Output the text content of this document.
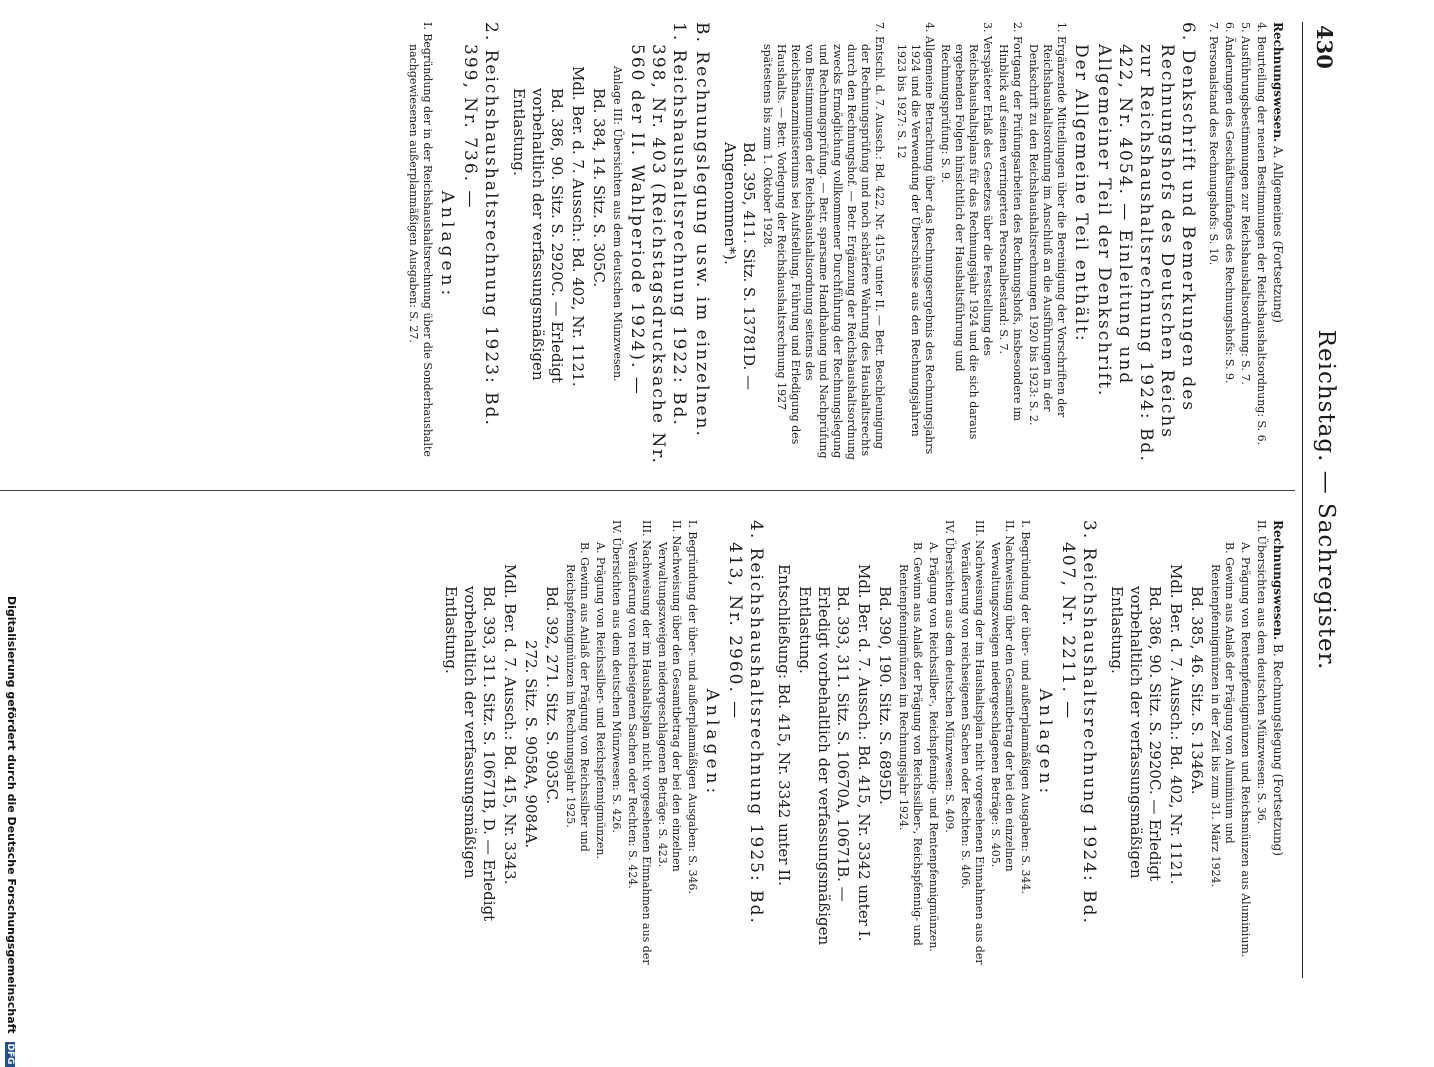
430
Reichstag. — Sachregister.
Rechnungswesen. A. Allgemeines (Fortsetzung)
4. Beurteilung der neuen Bestimmungen der Reichshaushaltsordnung: S. 6.
5. Ausführungsbestimmungen zur Reichshaushaltsordnung: S. 7.
6. Änderungen des Geschäftsumfanges des Rechnungshofs: S. 9.
7. Personalstand des Rechnungshofs: S. 10.
6. Denkschrift und Bemerkungen des Rechnungshofs des Deutschen Reichs zur Reichshaushaltsrechnung 1924: Bd. 422, Nr. 4054. — Einleitung und Allgemeiner Teil der Denkschrift.
Der Allgemeine Teil enthält:
1. Ergänzende Mitteilungen über die Bereinigung der Vorschriften der Reichshaushaltsordnung im Anschluß an die Ausführungen in der Denkschrift zu den Reichshaushaltsrechnungen 1920 bis 1923: S. 2.
2. Fortgang der Prüfungsarbeiten des Rechnungshofs, insbesondere im Hinblick auf seinen verringerten Personalbestand: S. 7.
3. Verspäteter Erlaß des Gesetzes über die Feststellung des Reichshaushaltsplans für das Rechnungsjahr 1924 und die sich daraus ergebenden Folgen hinsichtlich der Haushaltsführung und Rechnungsprüfung: S. 9.
4. Allgemeine Betrachtung über das Rechnungsergebnis des Rechnungsjahrs 1924 und die Verwendung der Überschüsse aus den Rechnungsjahren 1923 bis 1927: S. 12
7. Entschl. d. 7. Aussch.: Bd. 422, Nr. 4155 unter II. — Betr. Beschleunigung der Rechnungsprüfung und noch schärfere Wahrung des Haushaltsrechts durch den Rechnungshof. — Betr. Ergänzung der Reichshaushaltsordnung zwecks Ermöglichung vollkommener Durchführung der Rechnungslegung und Rechnungsprüfung. — Betr. sparsame Handhabung und Nachprüfung von Bestimmungen der Reichshaushaltsordnung seitens des Reichsfinanzministeriums bei Aufstellung, Führung und Erledigung des Haushalts. — Betr. Vorlegung der Reichshaushaltsrechnung 1927 spätestens bis zum 1. Oktober 1928.
Bd. 395, 411. Sitz. S. 13781D. — Angenommen*).
B. Rechnungslegung usw. im einzelnen.
1. Reichshaushaltsrechnung 1922: Bd. 398, Nr. 403 (Reichstagsdrucksache Nr. 560 der II. Wahlperiode 1924). —
Anlage III: Übersichten aus dem deutschen Münzwesen.
Bd. 384, 14. Sitz. S. 305C.
Mdl. Ber. d. 7. Aussch.: Bd. 402, Nr. 1121.
Bd. 386, 90. Sitz. S. 2920C. — Erledigt vorbehaltlich der verfassungsmäßigen Entlastung.
2. Reichshaushaltsrechnung 1923: Bd. 399, Nr. 736. —
Anlagen:
I. Begründung der in der Reichshaushaltsrechnung über die Sonderhaushalte nachgewiesenen außerplanmäßigen Ausgaben: S. 27.
Rechnungswesen. B. Rechnungslegung (Fortsetzung)
II. Übersichten aus dem deutschen Münzwesen: S. 36.
A. Prägung von Rentenpfennigmünzen und Reichsmünzen aus Aluminium.
B. Gewinn aus Anlaß der Prägung von Aluminium und Rentenpfennigmünzen in der Zeit bis zum 31. März 1924.
Bd. 385, 46. Sitz. S. 1346A.
Mdl. Ber. d. 7. Aussch.: Bd. 402, Nr. 1121.
Bd. 386, 90. Sitz. S. 2920C. — Erledigt vorbehaltlich der verfassungsmäßigen Entlastung.
3. Reichshaushaltsrechnung 1924: Bd. 407, Nr. 2211. —
Anlagen:
I. Begründung der über- und außerplanmäßigen Ausgaben: S. 344.
II. Nachweisung über den Gesamtbetrag der bei den einzelnen Verwaltungszweigen niedergeschlagenen Beträge: S. 405.
III. Nachweisung der im Haushaltsplan nicht vorgesehenen Einnahmen aus der Veräußerung von reichseigenen Sachen oder Rechten: S. 406.
IV. Übersichten aus dem deutschen Münzwesen: S. 409.
A. Prägung von Reichssilber-, Reichspfennig- und Rentenpfennigmünzen.
B. Gewinn aus Anlaß der Prägung von Reichssilber-, Reichspfennig- und Rentenpfennigmünzen im Rechnungsjahr 1924.
Bd. 390, 190. Sitz. S. 6895D.
Mdl. Ber. d. 7. Aussch.: Bd. 415, Nr. 3342 unter I.
Bd. 393, 311. Sitz. S. 10670A, 10671B. — Erledigt vorbehaltlich der verfassungsmäßigen Entlastung.
Entschließung: Bd. 415, Nr. 3342 unter II.
4. Reichshaushaltsrechnung 1925: Bd. 413, Nr. 2960. —
Anlagen:
I. Begründung der über- und außerplanmäßigen Ausgaben: S. 346.
II. Nachweisung über den Gesamtbetrag der bei den einzelnen Verwaltungszweigen niedergeschlagenen Beträge: S. 423.
III. Nachweisung der im Haushaltsplan nicht vorgesehenen Einnahmen aus der Veräußerung von reichseigenen Sachen oder Rechten: S. 424.
IV. Übersichten aus dem deutschen Münzwesen: S. 426.
A. Prägung von Reichssilber- und Reichspfennigmünzen.
B. Gewinn aus Anlaß der Prägung von Reichssilber und Reichspfennigmünzen im Rechnungsjahr 1925.
Bd. 392, 271. Sitz. S. 9035C.
272. Sitz. S. 9058A, 9084A.
Mdl. Ber. d. 7. Aussch.: Bd. 415, Nr. 3343.
Bd. 393, 311. Sitz. S. 10671B, D. — Erledigt vorbehaltlich der verfassungsmäßigen Entlastung.
Digitalisierung gefördert durch die Deutsche Forschungsgemeinschaft DFG
